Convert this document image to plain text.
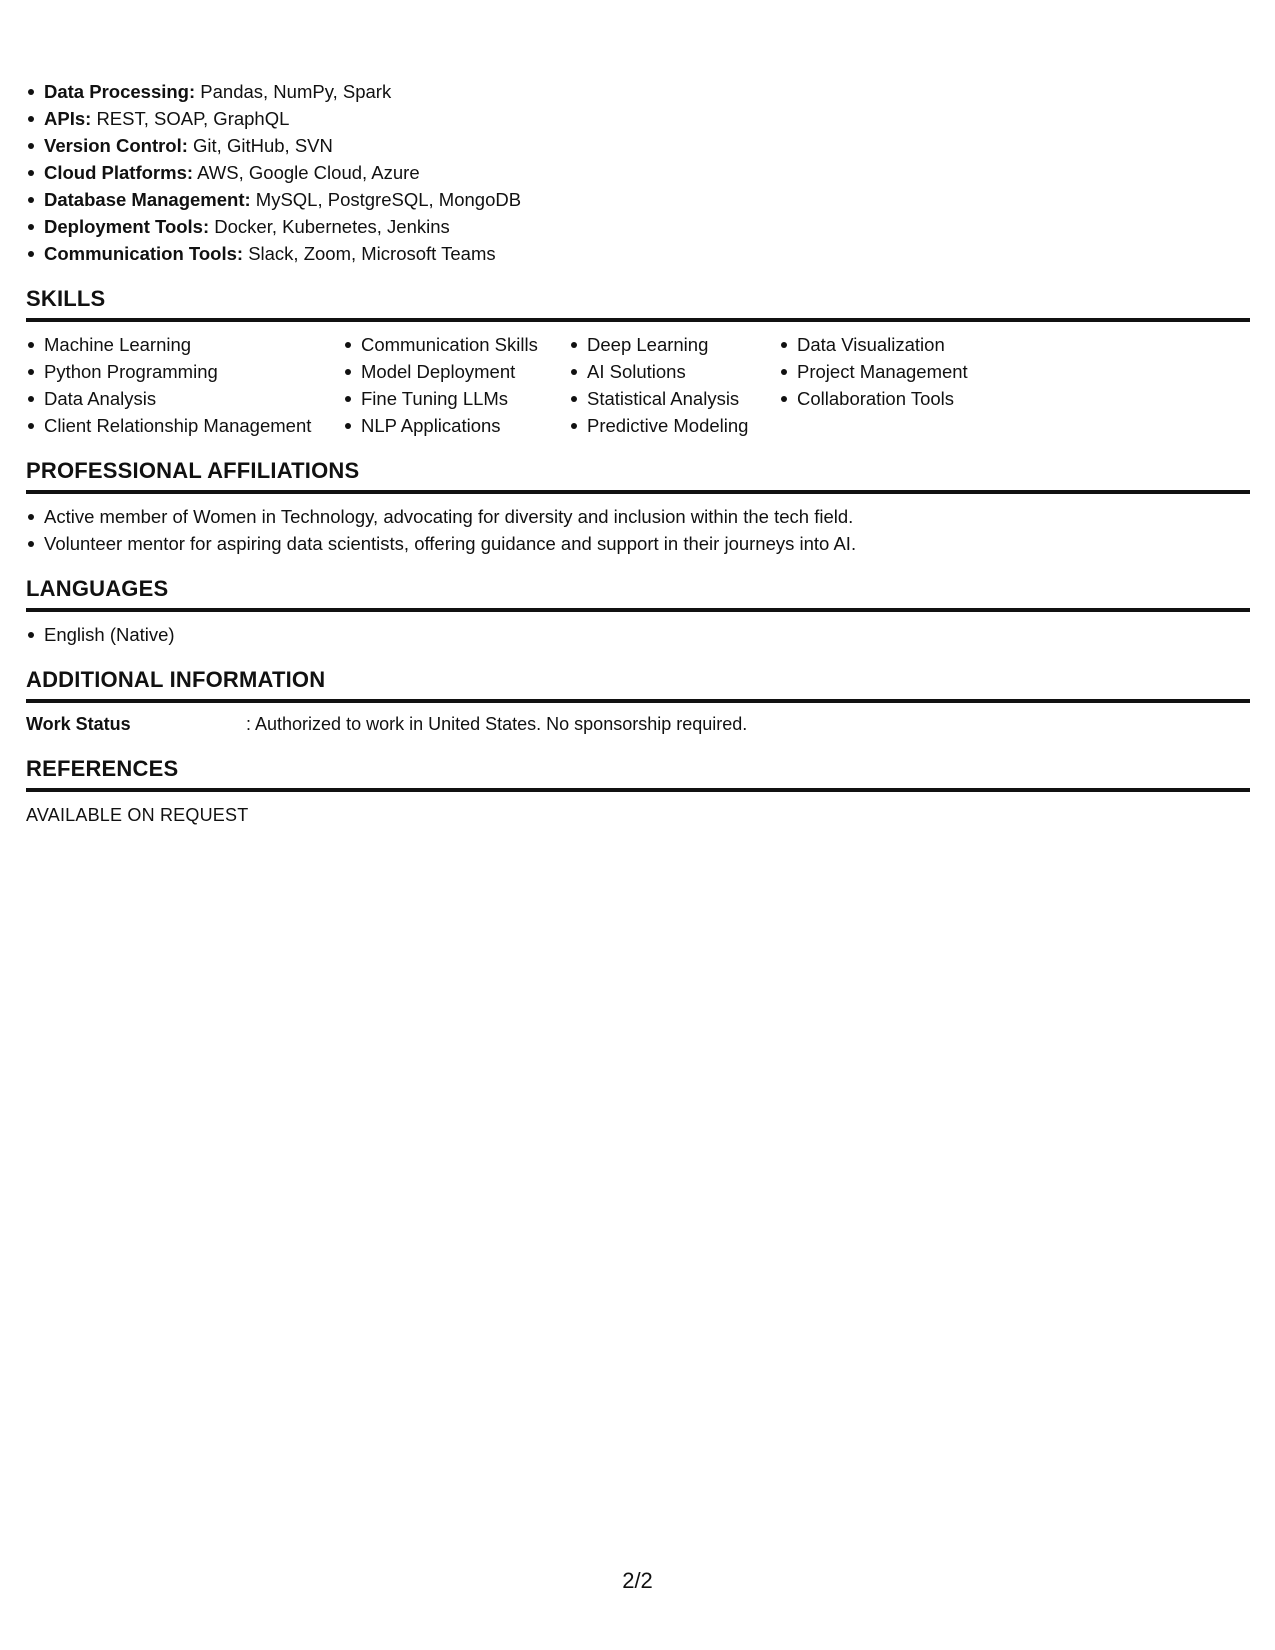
Data Processing: Pandas, NumPy, Spark
APIs: REST, SOAP, GraphQL
Version Control: Git, GitHub, SVN
Cloud Platforms: AWS, Google Cloud, Azure
Database Management: MySQL, PostgreSQL, MongoDB
Deployment Tools: Docker, Kubernetes, Jenkins
Communication Tools: Slack, Zoom, Microsoft Teams
SKILLS
Machine Learning
Python Programming
Data Analysis
Client Relationship Management
Communication Skills
Model Deployment
Fine Tuning LLMs
NLP Applications
Deep Learning
AI Solutions
Statistical Analysis
Predictive Modeling
Data Visualization
Project Management
Collaboration Tools
PROFESSIONAL AFFILIATIONS
Active member of Women in Technology, advocating for diversity and inclusion within the tech field.
Volunteer mentor for aspiring data scientists, offering guidance and support in their journeys into AI.
LANGUAGES
English (Native)
ADDITIONAL INFORMATION
Work Status	: Authorized to work in United States. No sponsorship required.
REFERENCES
AVAILABLE ON REQUEST
2/2
